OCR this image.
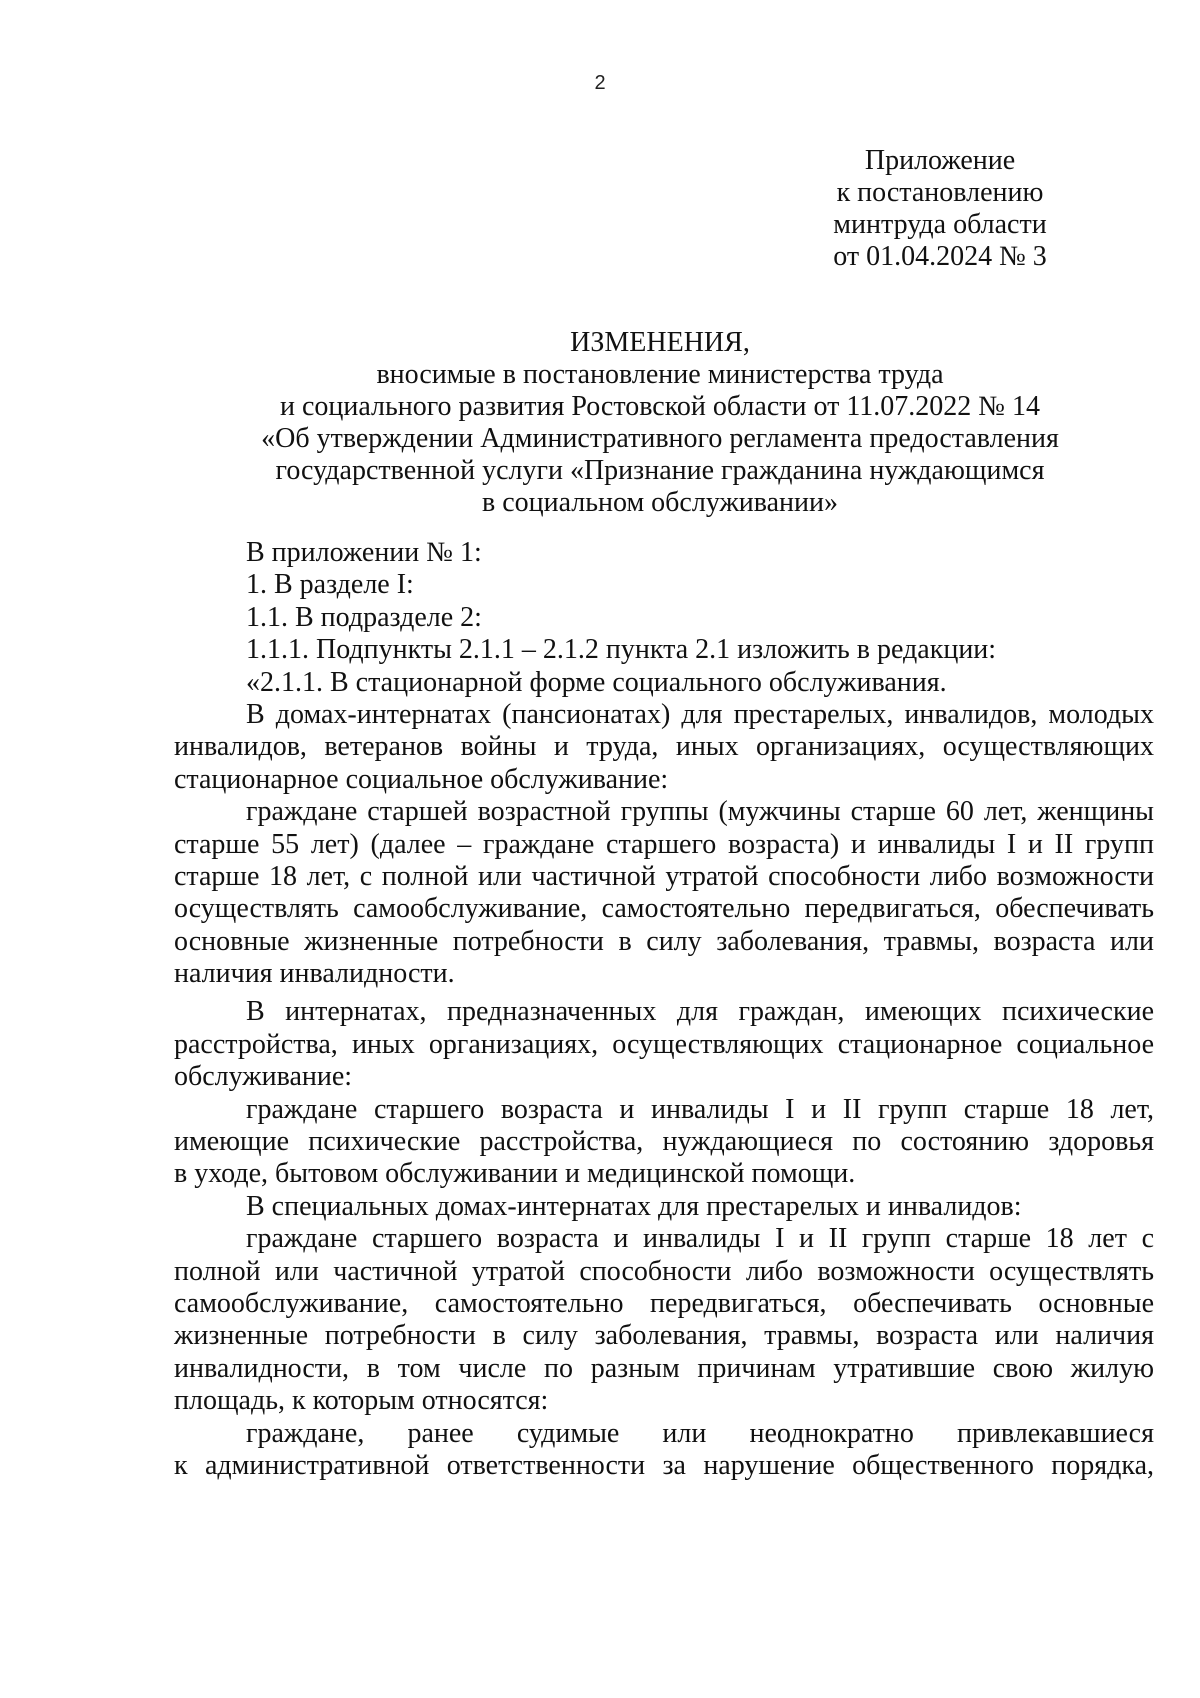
2
Приложение
к постановлению
минтруда области
от 01.04.2024 № 3
ИЗМЕНЕНИЯ,
вносимые в постановление министерства труда
и социального развития Ростовской области от 11.07.2022 № 14
«Об утверждении Административного регламента предоставления
государственной услуги «Признание гражданина нуждающимся
в социальном обслуживании»
В приложении № 1:
1. В разделе I:
1.1. В подразделе 2:
1.1.1. Подпункты 2.1.1 – 2.1.2 пункта 2.1 изложить в редакции:
«2.1.1. В стационарной форме социального обслуживания.
В домах-интернатах (пансионатах) для престарелых, инвалидов, молодых
инвалидов, ветеранов войны и труда, иных организациях, осуществляющих
стационарное социальное обслуживание:
граждане старшей возрастной группы (мужчины старше 60 лет, женщины
старше 55 лет) (далее – граждане старшего возраста) и инвалиды I и II групп
старше 18 лет, с полной или частичной утратой способности либо возможности
осуществлять самообслуживание, самостоятельно передвигаться, обеспечивать
основные жизненные потребности в силу заболевания, травмы, возраста или
наличия инвалидности.
В интернатах, предназначенных для граждан, имеющих психические
расстройства, иных организациях, осуществляющих стационарное социальное
обслуживание:
граждане старшего возраста и инвалиды I и II групп старше 18 лет,
имеющие психические расстройства, нуждающиеся по состоянию здоровья
в уходе, бытовом обслуживании и медицинской помощи.
В специальных домах-интернатах для престарелых и инвалидов:
граждане старшего возраста и инвалиды I и II групп старше 18 лет с
полной или частичной утратой способности либо возможности осуществлять
самообслуживание, самостоятельно передвигаться, обеспечивать основные
жизненные потребности в силу заболевания, травмы, возраста или наличия
инвалидности, в том числе по разным причинам утратившие свою жилую
площадь, к которым относятся:
граждане, ранее судимые или неоднократно привлекавшиеся
к административной ответственности за нарушение общественного порядка,
